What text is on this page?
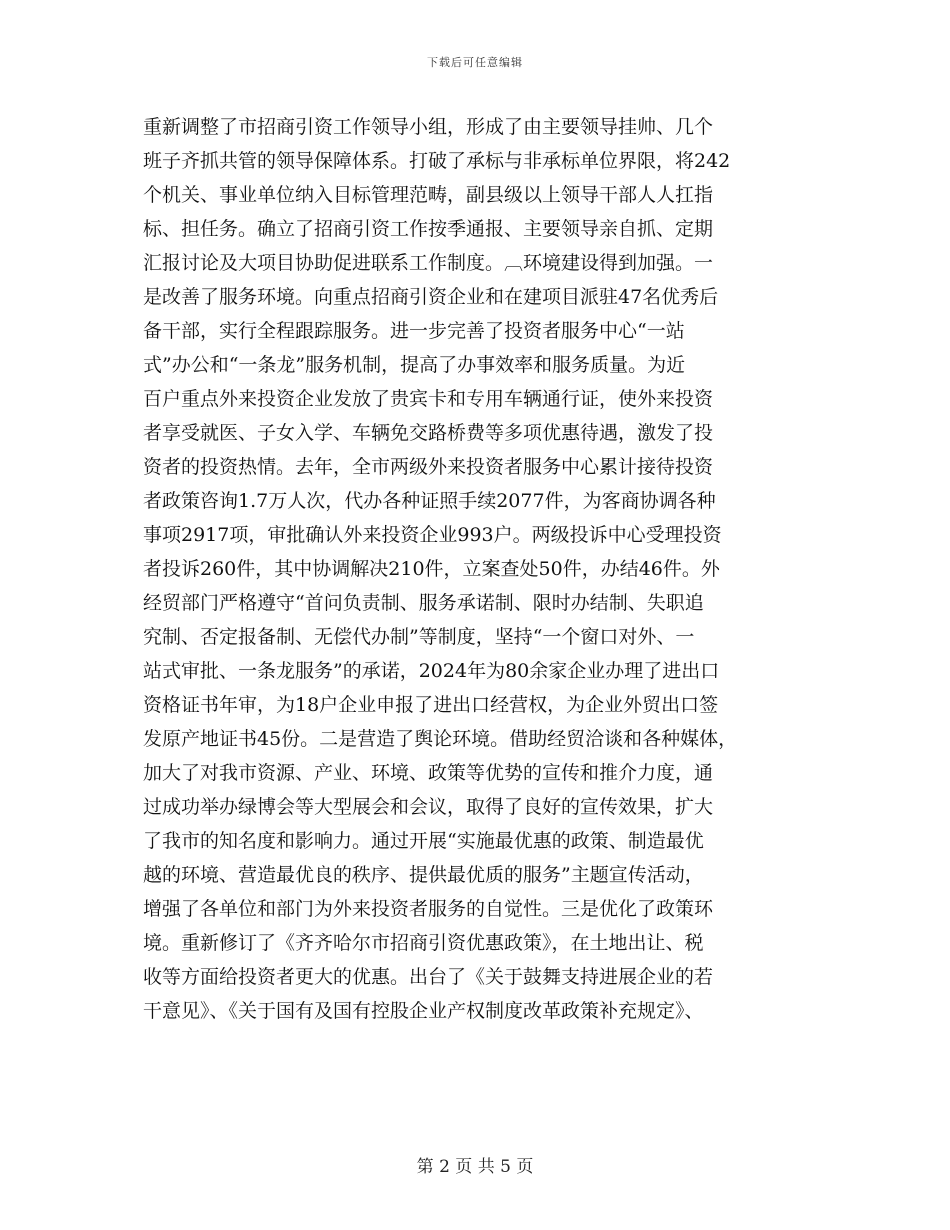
下载后可任意编辑
重新调整了市招商引资工作领导小组，形成了由主要领导挂帅、几个
班子齐抓共管的领导保障体系。打破了承标与非承标单位界限，将242
个机关、事业单位纳入目标管理范畴，副县级以上领导干部人人扛指
标、担任务。确立了招商引资工作按季通报、主要领导亲自抓、定期
汇报讨论及大项目协助促进联系工作制度。︹环境建设得到加强。一
是改善了服务环境。向重点招商引资企业和在建项目派驻47名优秀后
备干部，实行全程跟踪服务。进一步完善了投资者服务中心“一站
式”办公和“一条龙”服务机制，提高了办事效率和服务质量。为近
百户重点外来投资企业发放了贵宾卡和专用车辆通行证，使外来投资
者享受就医、子女入学、车辆免交路桥费等多项优惠待遇，激发了投
资者的投资热情。去年，全市两级外来投资者服务中心累计接待投资
者政策咨询1.7万人次，代办各种证照手续2077件，为客商协调各种
事项2917项，审批确认外来投资企业993户。两级投诉中心受理投资
者投诉260件，其中协调解决210件，立案查处50件，办结46件。外
经贸部门严格遵守“首问负责制、服务承诺制、限时办结制、失职追
究制、否定报备制、无偿代办制”等制度，坚持“一个窗口对外、一
站式审批、一条龙服务”的承诺，2024年为80余家企业办理了进出口
资格证书年审，为18户企业申报了进出口经营权，为企业外贸出口签
发原产地证书45份。二是营造了舆论环境。借助经贸洽谈和各种媒体，
加大了对我市资源、产业、环境、政策等优势的宣传和推介力度，通
过成功举办绿博会等大型展会和会议，取得了良好的宣传效果，扩大
了我市的知名度和影响力。通过开展“实施最优惠的政策、制造最优
越的环境、营造最优良的秩序、提供最优质的服务”主题宣传活动，
增强了各单位和部门为外来投资者服务的自觉性。三是优化了政策环
境。重新修订了《齐齐哈尔市招商引资优惠政策》，在土地出让、税
收等方面给投资者更大的优惠。出台了《关于鼓舞支持进展企业的若
干意见》、《关于国有及国有控股企业产权制度改革政策补充规定》、
第 2 页 共 5 页
